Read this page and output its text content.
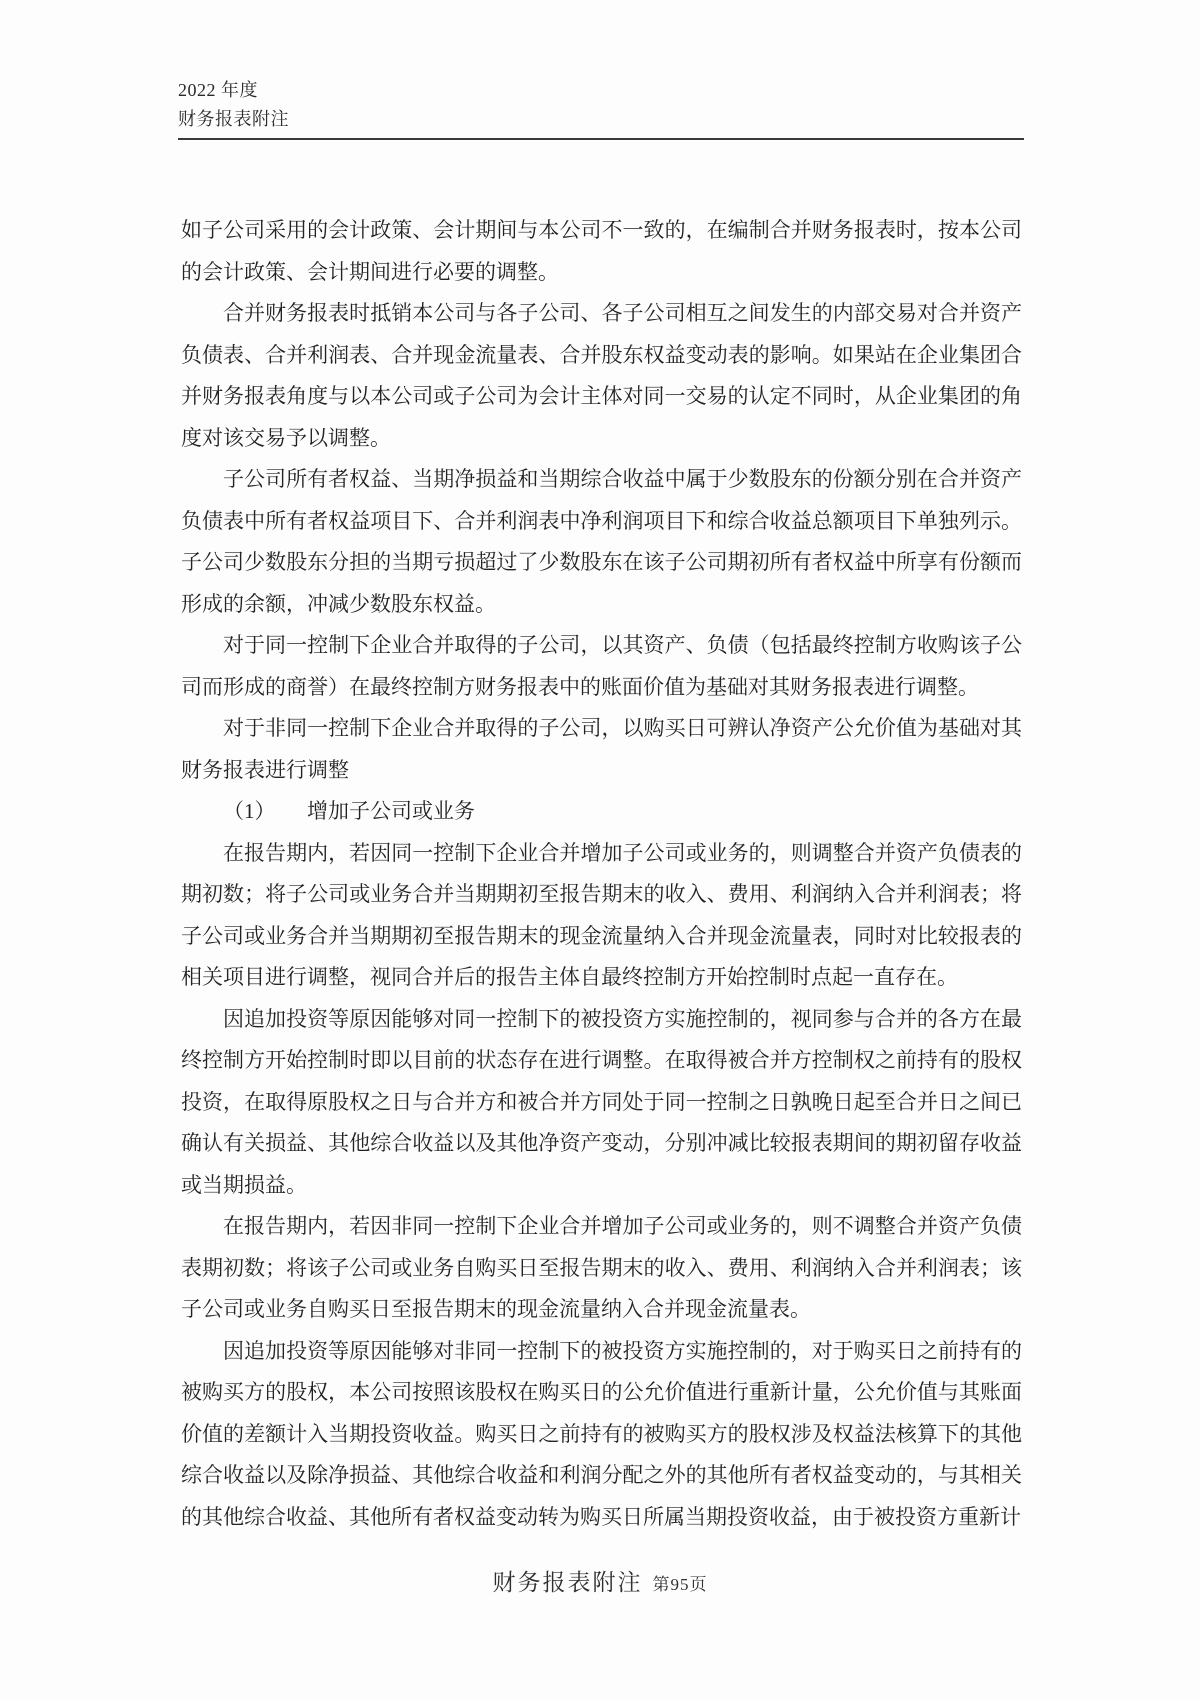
2022 年度
财务报表附注

如子公司采用的会计政策、会计期间与本公司不一致的，在编制合并财务报表时，按本公司的会计政策、会计期间进行必要的调整。

合并财务报表时抵销本公司与各子公司、各子公司相互之间发生的内部交易对合并资产负债表、合并利润表、合并现金流量表、合并股东权益变动表的影响。如果站在企业集团合并财务报表角度与以本公司或子公司为会计主体对同一交易的认定不同时，从企业集团的角度对该交易予以调整。

子公司所有者权益、当期净损益和当期综合收益中属于少数股东的份额分别在合并资产负债表中所有者权益项目下、合并利润表中净利润项目下和综合收益总额项目下单独列示。子公司少数股东分担的当期亏损超过了少数股东在该子公司期初所有者权益中所享有份额而形成的余额，冲减少数股东权益。

对于同一控制下企业合并取得的子公司，以其资产、负债（包括最终控制方收购该子公司而形成的商誉）在最终控制方财务报表中的账面价值为基础对其财务报表进行调整。

对于非同一控制下企业合并取得的子公司，以购买日可辨认净资产公允价值为基础对其财务报表进行调整

（1）　　增加子公司或业务

在报告期内，若因同一控制下企业合并增加子公司或业务的，则调整合并资产负债表的期初数；将子公司或业务合并当期期初至报告期末的收入、费用、利润纳入合并利润表；将子公司或业务合并当期期初至报告期末的现金流量纳入合并现金流量表，同时对比较报表的相关项目进行调整，视同合并后的报告主体自最终控制方开始控制时点起一直存在。

因追加投资等原因能够对同一控制下的被投资方实施控制的，视同参与合并的各方在最终控制方开始控制时即以目前的状态存在进行调整。在取得被合并方控制权之前持有的股权投资，在取得原股权之日与合并方和被合并方同处于同一控制之日孰晚日起至合并日之间已确认有关损益、其他综合收益以及其他净资产变动，分别冲减比较报表期间的期初留存收益或当期损益。

在报告期内，若因非同一控制下企业合并增加子公司或业务的，则不调整合并资产负债表期初数；将该子公司或业务自购买日至报告期末的收入、费用、利润纳入合并利润表；该子公司或业务自购买日至报告期末的现金流量纳入合并现金流量表。

因追加投资等原因能够对非同一控制下的被投资方实施控制的，对于购买日之前持有的被购买方的股权，本公司按照该股权在购买日的公允价值进行重新计量，公允价值与其账面价值的差额计入当期投资收益。购买日之前持有的被购买方的股权涉及权益法核算下的其他综合收益以及除净损益、其他综合收益和利润分配之外的其他所有者权益变动的，与其相关的其他综合收益、其他所有者权益变动转为购买日所属当期投资收益，由于被投资方重新计

财务报表附注 第95页
